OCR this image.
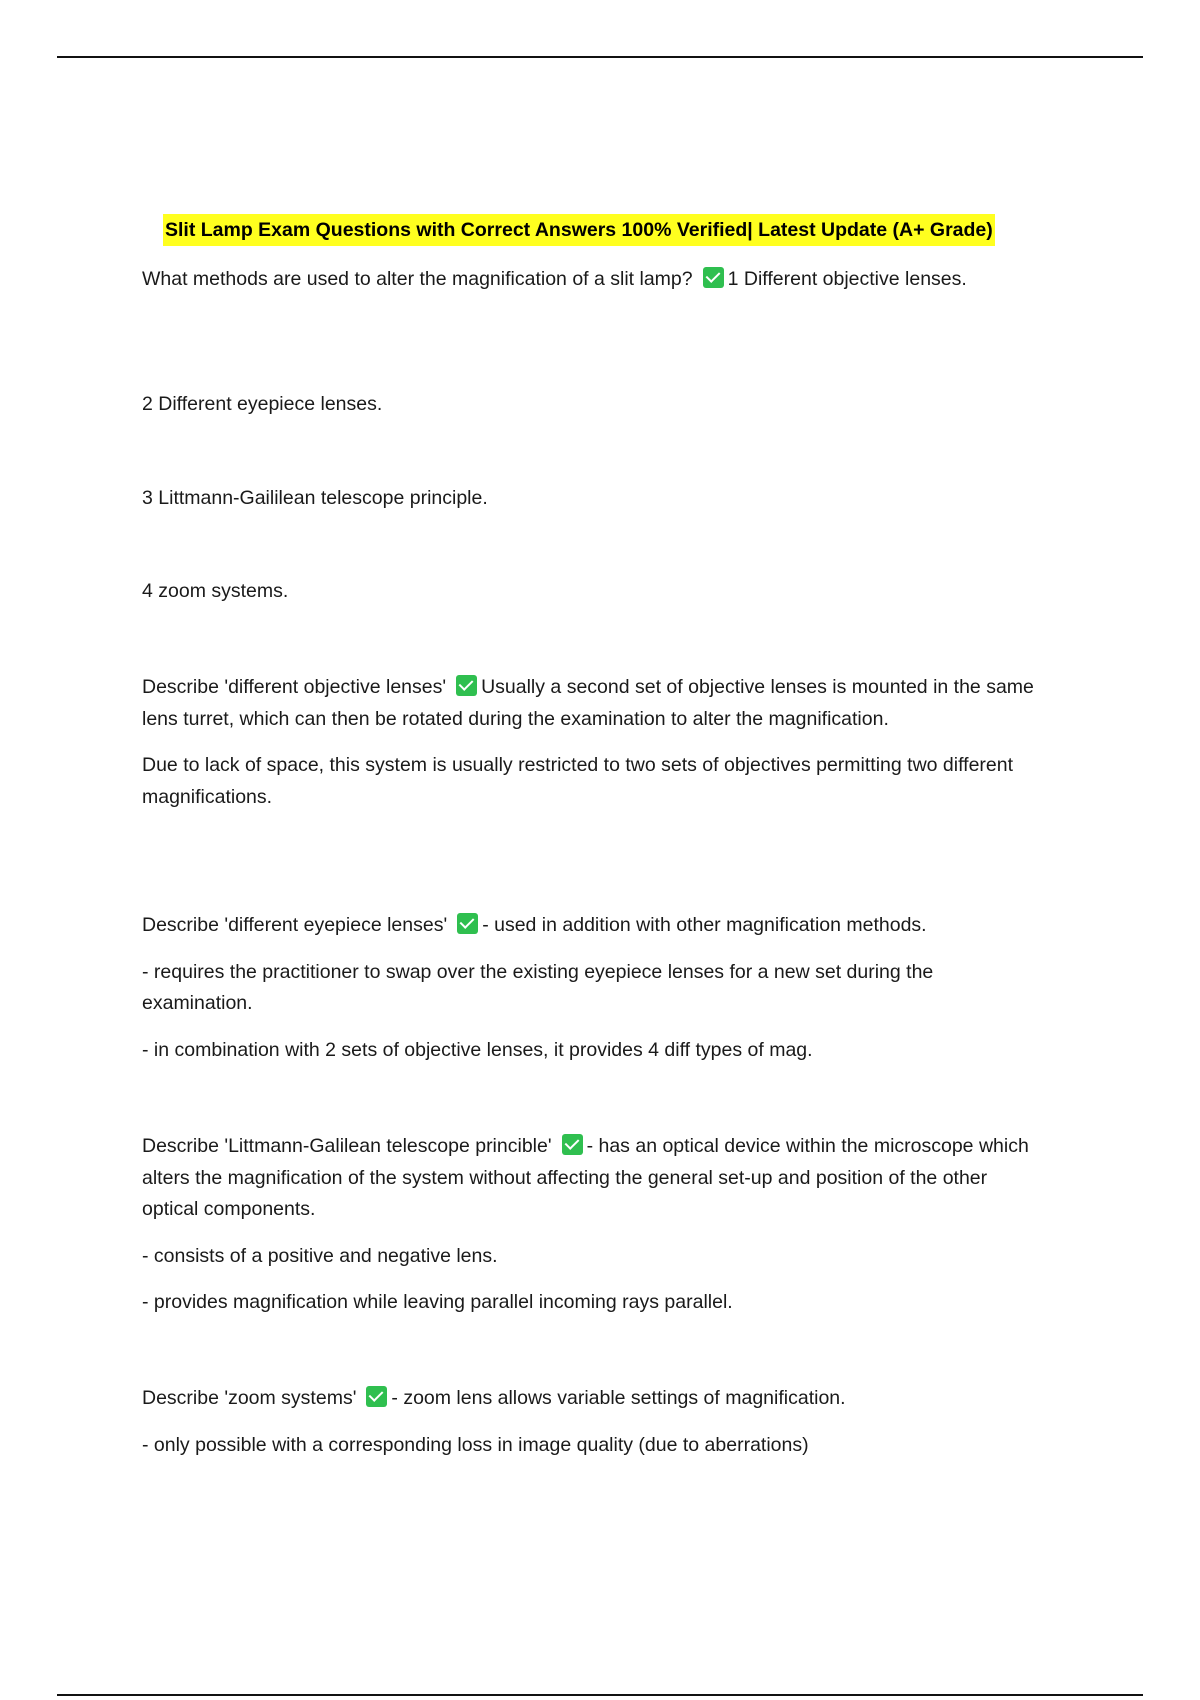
Slit Lamp Exam Questions with Correct Answers 100% Verified| Latest Update (A+ Grade)

What methods are used to alter the magnification of a slit lamp? 1 Different objective lenses.

2 Different eyepiece lenses.

3 Littmann-Gaililean telescope principle.

4 zoom systems.

Describe 'different objective lenses' Usually a second set of objective lenses is mounted in the same lens turret, which can then be rotated during the examination to alter the magnification.

Due to lack of space, this system is usually restricted to two sets of objectives permitting two different magnifications.

Describe 'different eyepiece lenses' - used in addition with other magnification methods.

- requires the practitioner to swap over the existing eyepiece lenses for a new set during the examination.

- in combination with 2 sets of objective lenses, it provides 4 diff types of mag.

Describe 'Littmann-Galilean telescope princible' - has an optical device within the microscope which alters the magnification of the system without affecting the general set-up and position of the other optical components.

- consists of a positive and negative lens.

- provides magnification while leaving parallel incoming rays parallel.

Describe 'zoom systems' - zoom lens allows variable settings of magnification.

- only possible with a corresponding loss in image quality (due to aberrations)
